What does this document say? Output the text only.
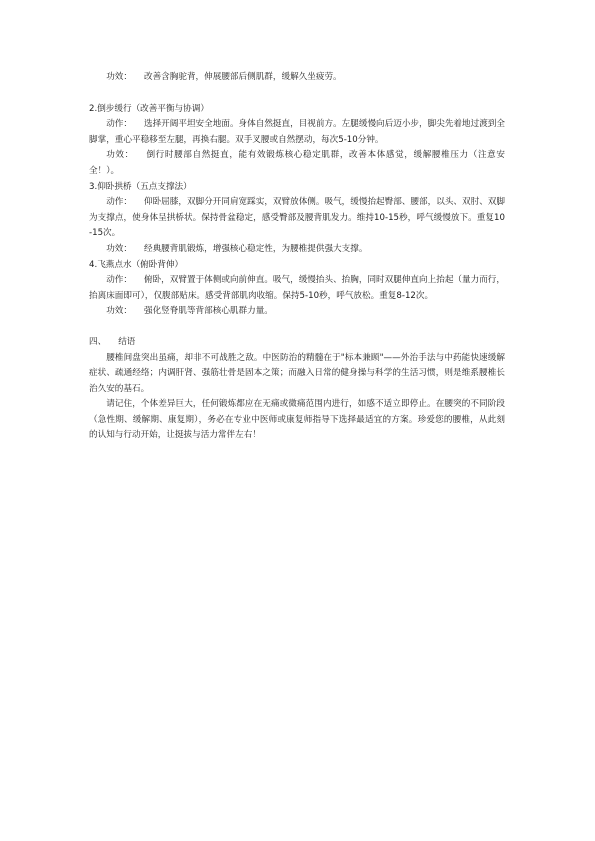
功效： 改善含胸驼背，伸展腰部后侧肌群，缓解久坐疲劳。

2.倒步缓行（改善平衡与协调）

动作： 选择开阔平坦安全地面。身体自然挺直，目视前方。左腿缓慢向后迈小步，脚尖先着地过渡到全脚掌，重心平稳移至左腿，再换右腿。双手叉腰或自然摆动，每次5-10分钟。

功效： 倒行时腰部自然挺直，能有效锻炼核心稳定肌群，改善本体感觉，缓解腰椎压力（注意安全！）。

3.仰卧拱桥（五点支撑法）

动作： 仰卧屈膝，双脚分开同肩宽踩实，双臂放体侧。吸气，缓慢抬起臀部、腰部，以头、双肘、双脚为支撑点，使身体呈拱桥状。保持骨盆稳定，感受臀部及腰背肌发力。维持10-15秒，呼气缓慢放下。重复10-15次。

功效： 经典腰背肌锻炼，增强核心稳定性，为腰椎提供强大支撑。

4.飞燕点水（俯卧背伸）

动作： 俯卧，双臂置于体侧或向前伸直。吸气，缓慢抬头、抬胸，同时双腿伸直向上抬起（量力而行，抬离床面即可），仅腹部贴床。感受背部肌肉收缩。保持5-10秒，呼气放松。重复8-12次。

功效： 强化竖脊肌等背部核心肌群力量。

四、 结语

腰椎间盘突出虽痛，却非不可战胜之敌。中医防治的精髓在于"标本兼顾"——外治手法与中药能快速缓解症状、疏通经络；内调肝肾、强筋壮骨是固本之策；而融入日常的健身操与科学的生活习惯，则是维系腰椎长治久安的基石。

请记住，个体差异巨大，任何锻炼都应在无痛或微痛范围内进行，如感不适立即停止。在腰突的不同阶段（急性期、缓解期、康复期），务必在专业中医师或康复师指导下选择最适宜的方案。珍爱您的腰椎，从此刻的认知与行动开始，让挺拔与活力常伴左右！
